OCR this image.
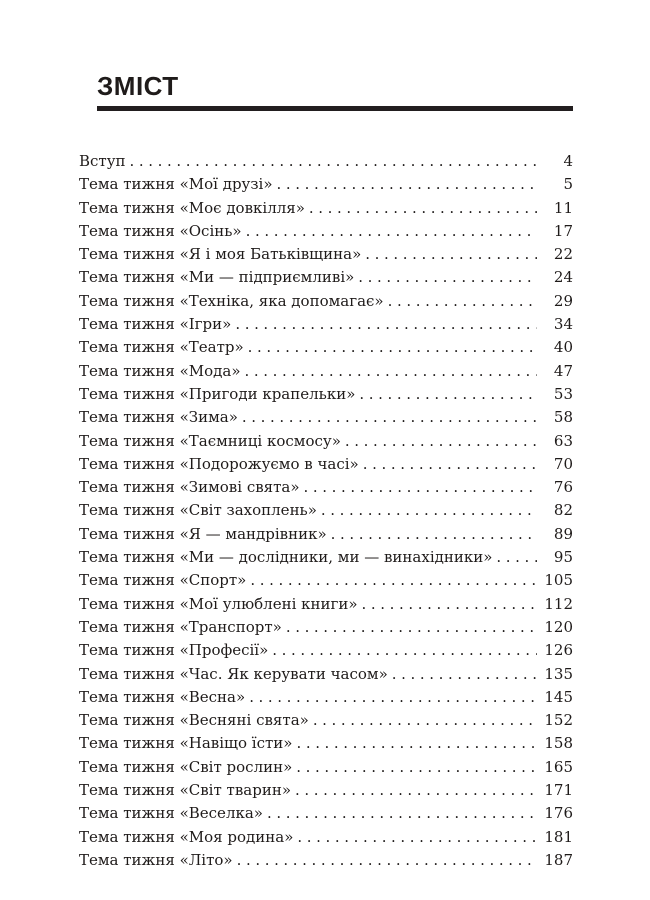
ЗМІСТ
Вступ .....	4
Тема тижня «Мої друзі» .....	5
Тема тижня «Моє довкілля» .....	11
Тема тижня «Осінь» .....	17
Тема тижня «Я і моя Батьківщина» .....	22
Тема тижня «Ми — підприємливі» .....	24
Тема тижня «Техніка, яка допомагає» .....	29
Тема тижня «Ігри» .....	34
Тема тижня «Театр» .....	40
Тема тижня «Мода» .....	47
Тема тижня «Пригоди крапельки» .....	53
Тема тижня «Зима» .....	58
Тема тижня «Таємниці космосу» .....	63
Тема тижня «Подорожуємо в часі» .....	70
Тема тижня «Зимові свята» .....	76
Тема тижня «Світ захоплень» .....	82
Тема тижня «Я — мандрівник» .....	89
Тема тижня «Ми — дослідники, ми — винахідники» .....	95
Тема тижня «Спорт» .....	105
Тема тижня «Мої улюблені книги» .....	112
Тема тижня «Транспорт» .....	120
Тема тижня «Професії» .....	126
Тема тижня «Час. Як керувати часом» .....	135
Тема тижня «Весна» .....	145
Тема тижня «Весняні свята» .....	152
Тема тижня «Навіщо їсти» .....	158
Тема тижня «Світ рослин» .....	165
Тема тижня «Світ тварин» .....	171
Тема тижня «Веселка» .....	176
Тема тижня «Моя родина» .....	181
Тема тижня «Літо» .....	187
